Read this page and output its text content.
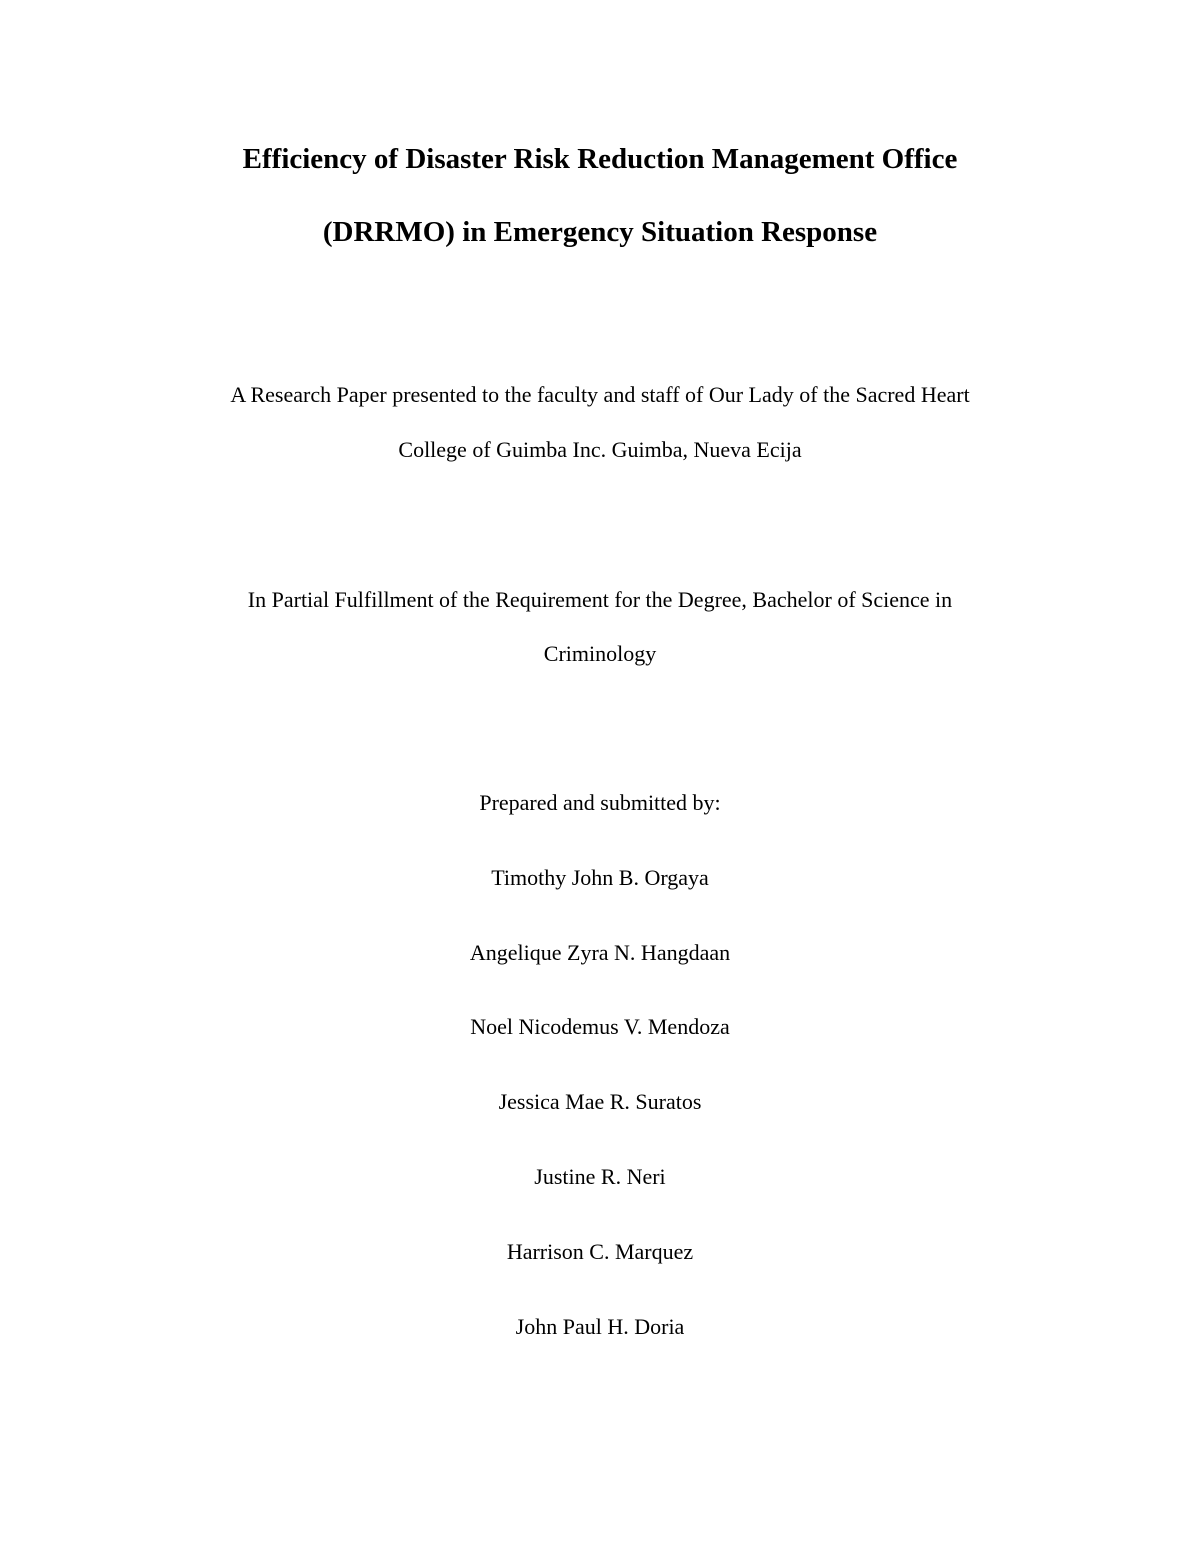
Efficiency of Disaster Risk Reduction Management Office
(DRRMO) in Emergency Situation Response
A Research Paper presented to the faculty and staff of Our Lady of the Sacred Heart
College of Guimba Inc. Guimba, Nueva Ecija
In Partial Fulfillment of the Requirement for the Degree, Bachelor of Science in
Criminology
Prepared and submitted by:
Timothy John B. Orgaya
Angelique Zyra N. Hangdaan
Noel Nicodemus V. Mendoza
Jessica Mae R. Suratos
Justine R. Neri
Harrison C. Marquez
John Paul H. Doria
